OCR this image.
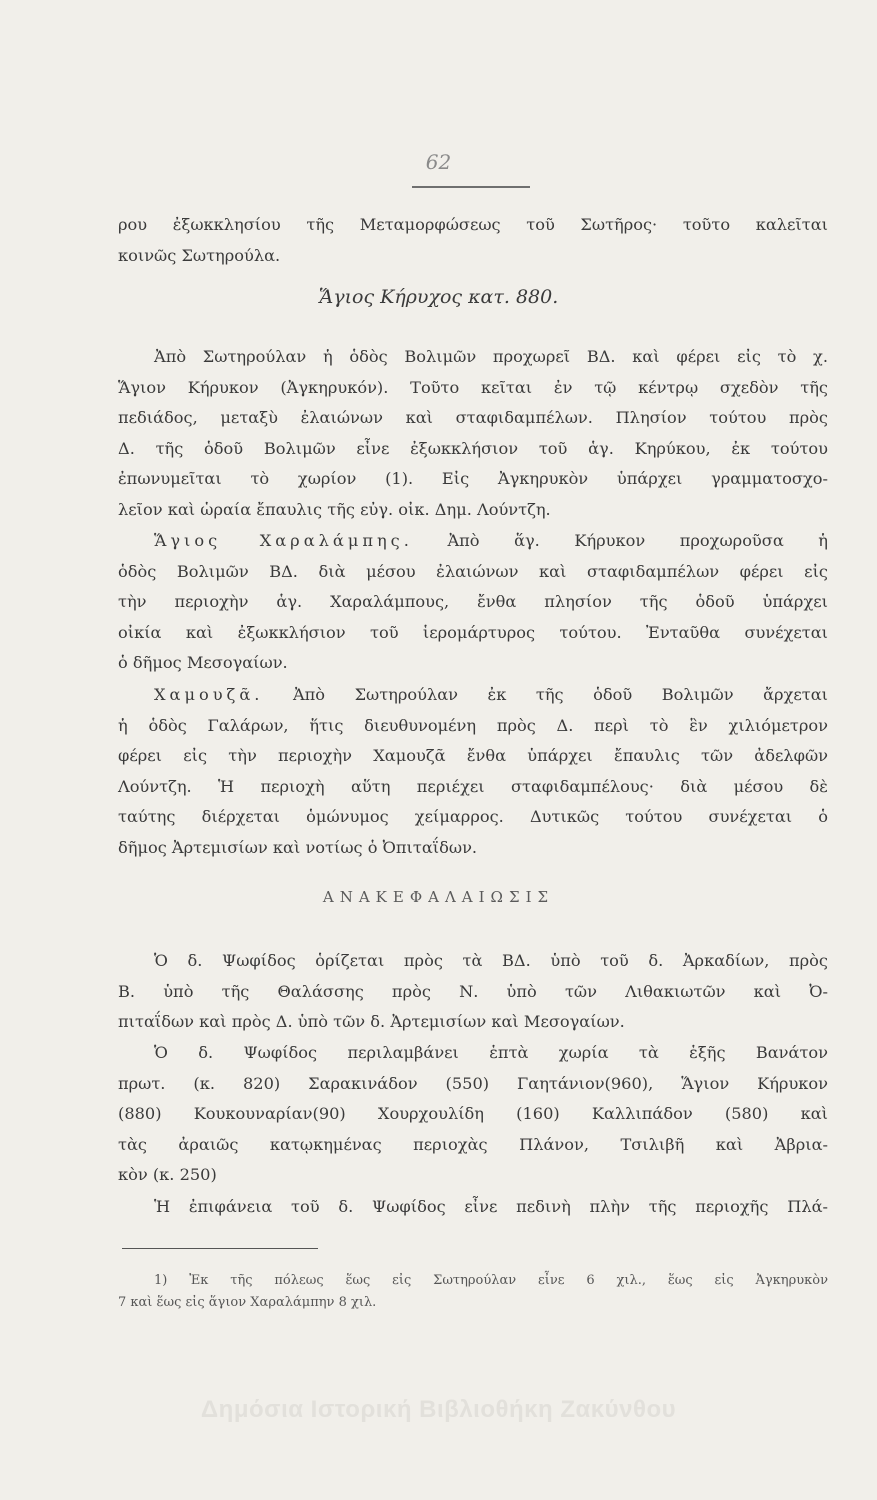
62
ρου ἐξωκκλησίου τῆς Μεταμορφώσεως τοῦ Σωτῆρος· τοῦτο καλεῖται
κοινῶς Σωτηρούλα.
Ἅγιος Κήρυχος κατ. 880.
Ἀπὸ Σωτηρούλαν ἡ ὁδὸς Βολιμῶν προχωρεῖ ΒΔ. καὶ φέρει εἰς τὸ χ.
Ἅγιον Κήρυκον (Ἀγκηρυκόν). Τοῦτο κεῖται ἐν τῷ κέντρῳ σχεδὸν τῆς
πεδιάδος, μεταξὺ ἐλαιώνων καὶ σταφιδαμπέλων. Πλησίον τούτου πρὸς
Δ. τῆς ὁδοῦ Βολιμῶν εἶνε ἐξωκκλήσιον τοῦ ἁγ. Κηρύκου, ἐκ τούτου
ἐπωνυμεῖται τὸ χωρίον (1). Εἰς Ἀγκηρυκὸν ὑπάρχει γραμματοσχο-
λεῖον καὶ ὡραία ἔπαυλις τῆς εὐγ. οἰκ. Δημ. Λούντζη.
Ἅγιος Χαραλάμπης. Ἀπὸ ἅγ. Κήρυκον προχωροῦσα ἡ
ὁδὸς Βολιμῶν ΒΔ. διὰ μέσου ἐλαιώνων καὶ σταφιδαμπέλων φέρει εἰς
τὴν περιοχὴν ἁγ. Χαραλάμπους, ἔνθα πλησίον τῆς ὁδοῦ ὑπάρχει
οἰκία καὶ ἐξωκκλήσιον τοῦ ἱερομάρτυρος τούτου. Ἐνταῦθα συνέχεται
ὁ δῆμος Μεσογαίων.
Χαμουζᾶ. Ἀπὸ Σωτηρούλαν ἐκ τῆς ὁδοῦ Βολιμῶν ἄρχεται
ἡ ὁδὸς Γαλάρων, ἥτις διευθυνομένη πρὸς Δ. περὶ τὸ ἓν χιλιόμετρον
φέρει εἰς τὴν περιοχὴν Χαμουζᾶ ἔνθα ὑπάρχει ἔπαυλις τῶν ἀδελφῶν
Λούντζη. Ἡ περιοχὴ αὕτη περιέχει σταφιδαμπέλους· διὰ μέσου δὲ
ταύτης διέρχεται ὁμώνυμος χείμαρρος. Δυτικῶς τούτου συνέχεται ὁ
δῆμος Ἀρτεμισίων καὶ νοτίως ὁ Ὀπιταΐδων.
ΑΝΑΚΕΦΑΛΑΙΩΣΙΣ
Ὁ δ. Ψωφίδος ὁρίζεται πρὸς τὰ ΒΔ. ὑπὸ τοῦ δ. Ἀρκαδίων, πρὸς
Β. ὑπὸ τῆς Θαλάσσης πρὸς Ν. ὑπὸ τῶν Λιθακιωτῶν καὶ Ὀ-
πιταΐδων καὶ πρὸς Δ. ὑπὸ τῶν δ. Ἀρτεμισίων καὶ Μεσογαίων.
Ὁ δ. Ψωφίδος περιλαμβάνει ἑπτὰ χωρία τὰ ἑξῆς Βανάτον
πρωτ. (κ. 820) Σαρακινάδον (550) Γαητάνιον(960), Ἅγιον Κήρυκον
(880) Κουκουναρίαν(90) Χουρχουλίδη (160) Καλλιπάδον (580) καὶ
τὰς ἀραιῶς κατῳκημένας περιοχὰς Πλάνον, Τσιλιβῆ καὶ Ἀβρια-
κὸν (κ. 250)
Ἡ ἐπιφάνεια τοῦ δ. Ψωφίδος εἶνε πεδινὴ πλὴν τῆς περιοχῆς Πλά-
1) Ἐκ τῆς πόλεως ἕως εἰς Σωτηρούλαν εἶνε 6 χιλ., ἕως εἰς Ἀγκηρυκὸν
7 καὶ ἕως εἰς ἅγιον Χαραλάμπην 8 χιλ.
Δημόσια Ιστορική Βιβλιοθήκη Ζακύνθου
